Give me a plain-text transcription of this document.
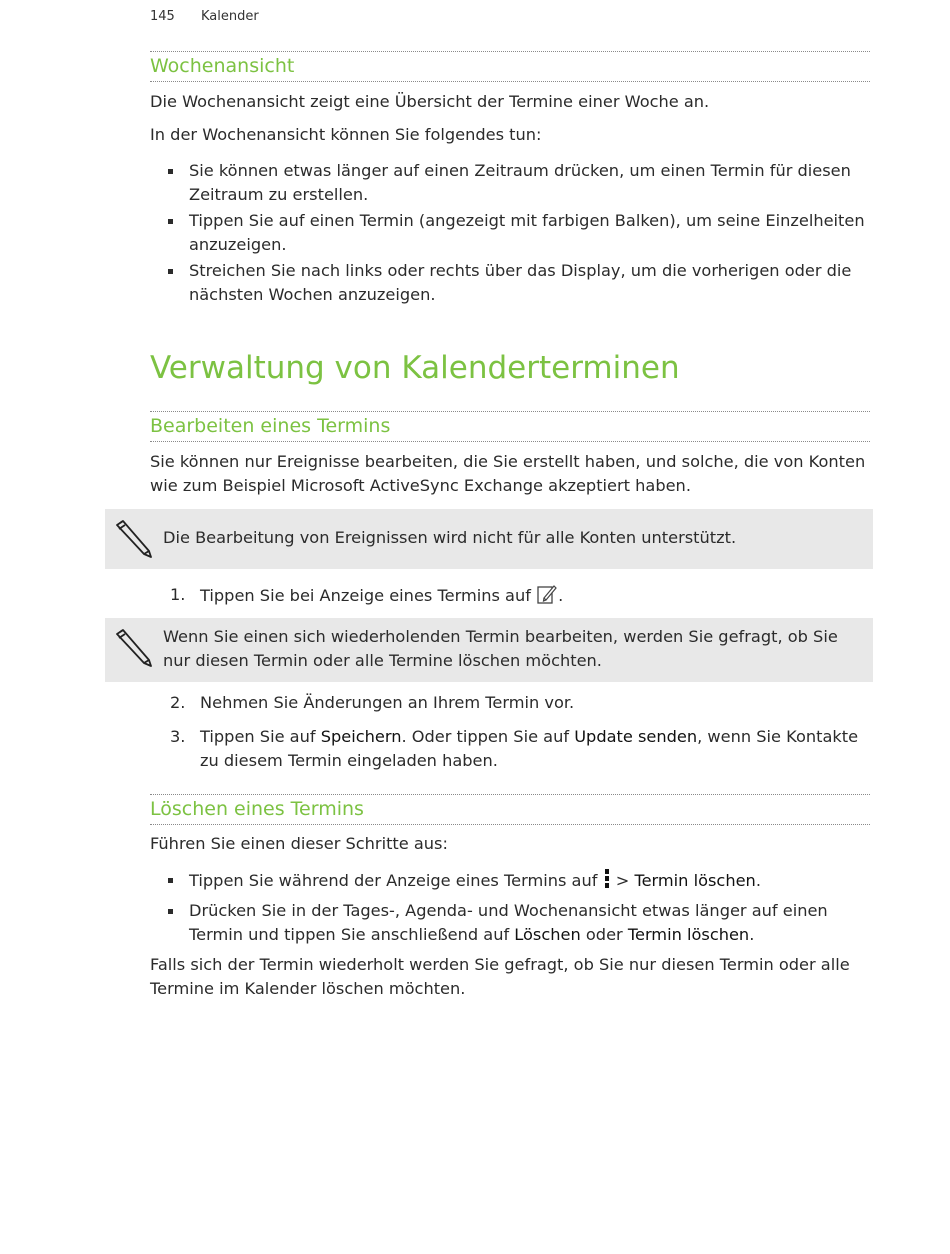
145 Kalender
Wochenansicht
Die Wochenansicht zeigt eine Übersicht der Termine einer Woche an.
In der Wochenansicht können Sie folgendes tun:
Sie können etwas länger auf einen Zeitraum drücken, um einen Termin für diesen Zeitraum zu erstellen.
Tippen Sie auf einen Termin (angezeigt mit farbigen Balken), um seine Einzelheiten anzuzeigen.
Streichen Sie nach links oder rechts über das Display, um die vorherigen oder die nächsten Wochen anzuzeigen.
Verwaltung von Kalenderterminen
Bearbeiten eines Termins
Sie können nur Ereignisse bearbeiten, die Sie erstellt haben, und solche, die von Konten wie zum Beispiel Microsoft ActiveSync Exchange akzeptiert haben.
1. Tippen Sie bei Anzeige eines Termins auf .
2. Nehmen Sie Änderungen an Ihrem Termin vor.
3. Tippen Sie auf Speichern. Oder tippen Sie auf Update senden, wenn Sie Kontakte zu diesem Termin eingeladen haben.
Löschen eines Termins
Führen Sie einen dieser Schritte aus:
Tippen Sie während der Anzeige eines Termins auf  > Termin löschen.
Drücken Sie in der Tages-, Agenda- und Wochenansicht etwas länger auf einen Termin und tippen Sie anschließend auf Löschen oder Termin löschen.
Falls sich der Termin wiederholt werden Sie gefragt, ob Sie nur diesen Termin oder alle Termine im Kalender löschen möchten.
Die Bearbeitung von Ereignissen wird nicht für alle Konten unterstützt.
Wenn Sie einen sich wiederholenden Termin bearbeiten, werden Sie gefragt, ob Sie nur diesen Termin oder alle Termine löschen möchten.
